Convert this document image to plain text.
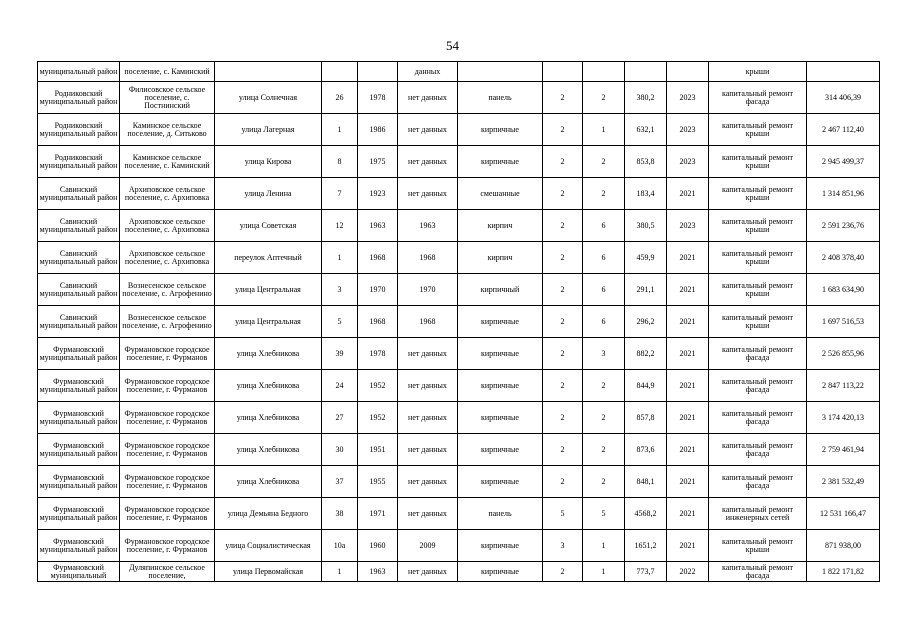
54
муниципальный район	поселение, с. Каминский				данных						крыши	
Родниковский муниципальный район	Филисовское сельское поселение, с. Постнинский	улица Солнечная	26	1978	нет данных	панель	2	2	380,2	2023	капитальный ремонт фасада	314 406,39
Родниковский муниципальный район	Каминское сельское поселение, д. Ситьково	улица Лагерная	1	1986	нет данных	кирпичные	2	1	632,1	2023	капитальный ремонт крыши	2 467 112,40
Родниковский муниципальный район	Каминское сельское поселение, с. Каминский	улица Кирова	8	1975	нет данных	кирпичные	2	2	853,8	2023	капитальный ремонт крыши	2 945 499,37
Савинский муниципальный район	Архиповское сельское поселение, с. Архиповка	улица Ленина	7	1923	нет данных	смешанные	2	2	183,4	2021	капитальный ремонт крыши	1 314 851,96
Савинский муниципальный район	Архиповское сельское поселение, с. Архиповка	улица Советская	12	1963	1963	кирпич	2	6	380,5	2023	капитальный ремонт крыши	2 591 236,76
Савинский муниципальный район	Архиповское сельское поселение, с. Архиповка	переулок Аптечный	1	1968	1968	кирпич	2	6	459,9	2021	капитальный ремонт крыши	2 408 378,40
Савинский муниципальный район	Вознесенское сельское поселение, с. Агрофенино	улица Центральная	3	1970	1970	кирпичный	2	6	291,1	2021	капитальный ремонт крыши	1 683 634,90
Савинский муниципальный район	Вознесенское сельское поселение, с. Агрофенино	улица Центральная	5	1968	1968	кирпичные	2	6	296,2	2021	капитальный ремонт крыши	1 697 516,53
Фурмановский муниципальный район	Фурмановское городское поселение, г. Фурманов	улица Хлебникова	39	1978	нет данных	кирпичные	2	3	882,2	2021	капитальный ремонт фасада	2 526 855,96
Фурмановский муниципальный район	Фурмановское городское поселение, г. Фурманов	улица Хлебникова	24	1952	нет данных	кирпичные	2	2	844,9	2021	капитальный ремонт фасада	2 847 113,22
Фурмановский муниципальный район	Фурмановское городское поселение, г. Фурманов	улица Хлебникова	27	1952	нет данных	кирпичные	2	2	857,8	2021	капитальный ремонт фасада	3 174 420,13
Фурмановский муниципальный район	Фурмановское городское поселение, г. Фурманов	улица Хлебникова	30	1951	нет данных	кирпичные	2	2	873,6	2021	капитальный ремонт фасада	2 759 461,94
Фурмановский муниципальный район	Фурмановское городское поселение, г. Фурманов	улица Хлебникова	37	1955	нет данных	кирпичные	2	2	848,1	2021	капитальный ремонт фасада	2 381 532,49
Фурмановский муниципальный район	Фурмановское городское поселение, г. Фурманов	улица Демьяна Бедного	38	1971	нет данных	панель	5	5	4568,2	2021	капитальный ремонт инженерных сетей	12 531 166,47
Фурмановский муниципальный район	Фурмановское городское поселение, г. Фурманов	улица Социалистическая	10а	1960	2009	кирпичные	3	1	1651,2	2021	капитальный ремонт крыши	871 938,00
Фурмановский муниципальный	Дуляпинское сельское поселение,	улица Первомайская	1	1963	нет данных	кирпичные	2	1	773,7	2022	капитальный ремонт фасада	1 822 171,82
